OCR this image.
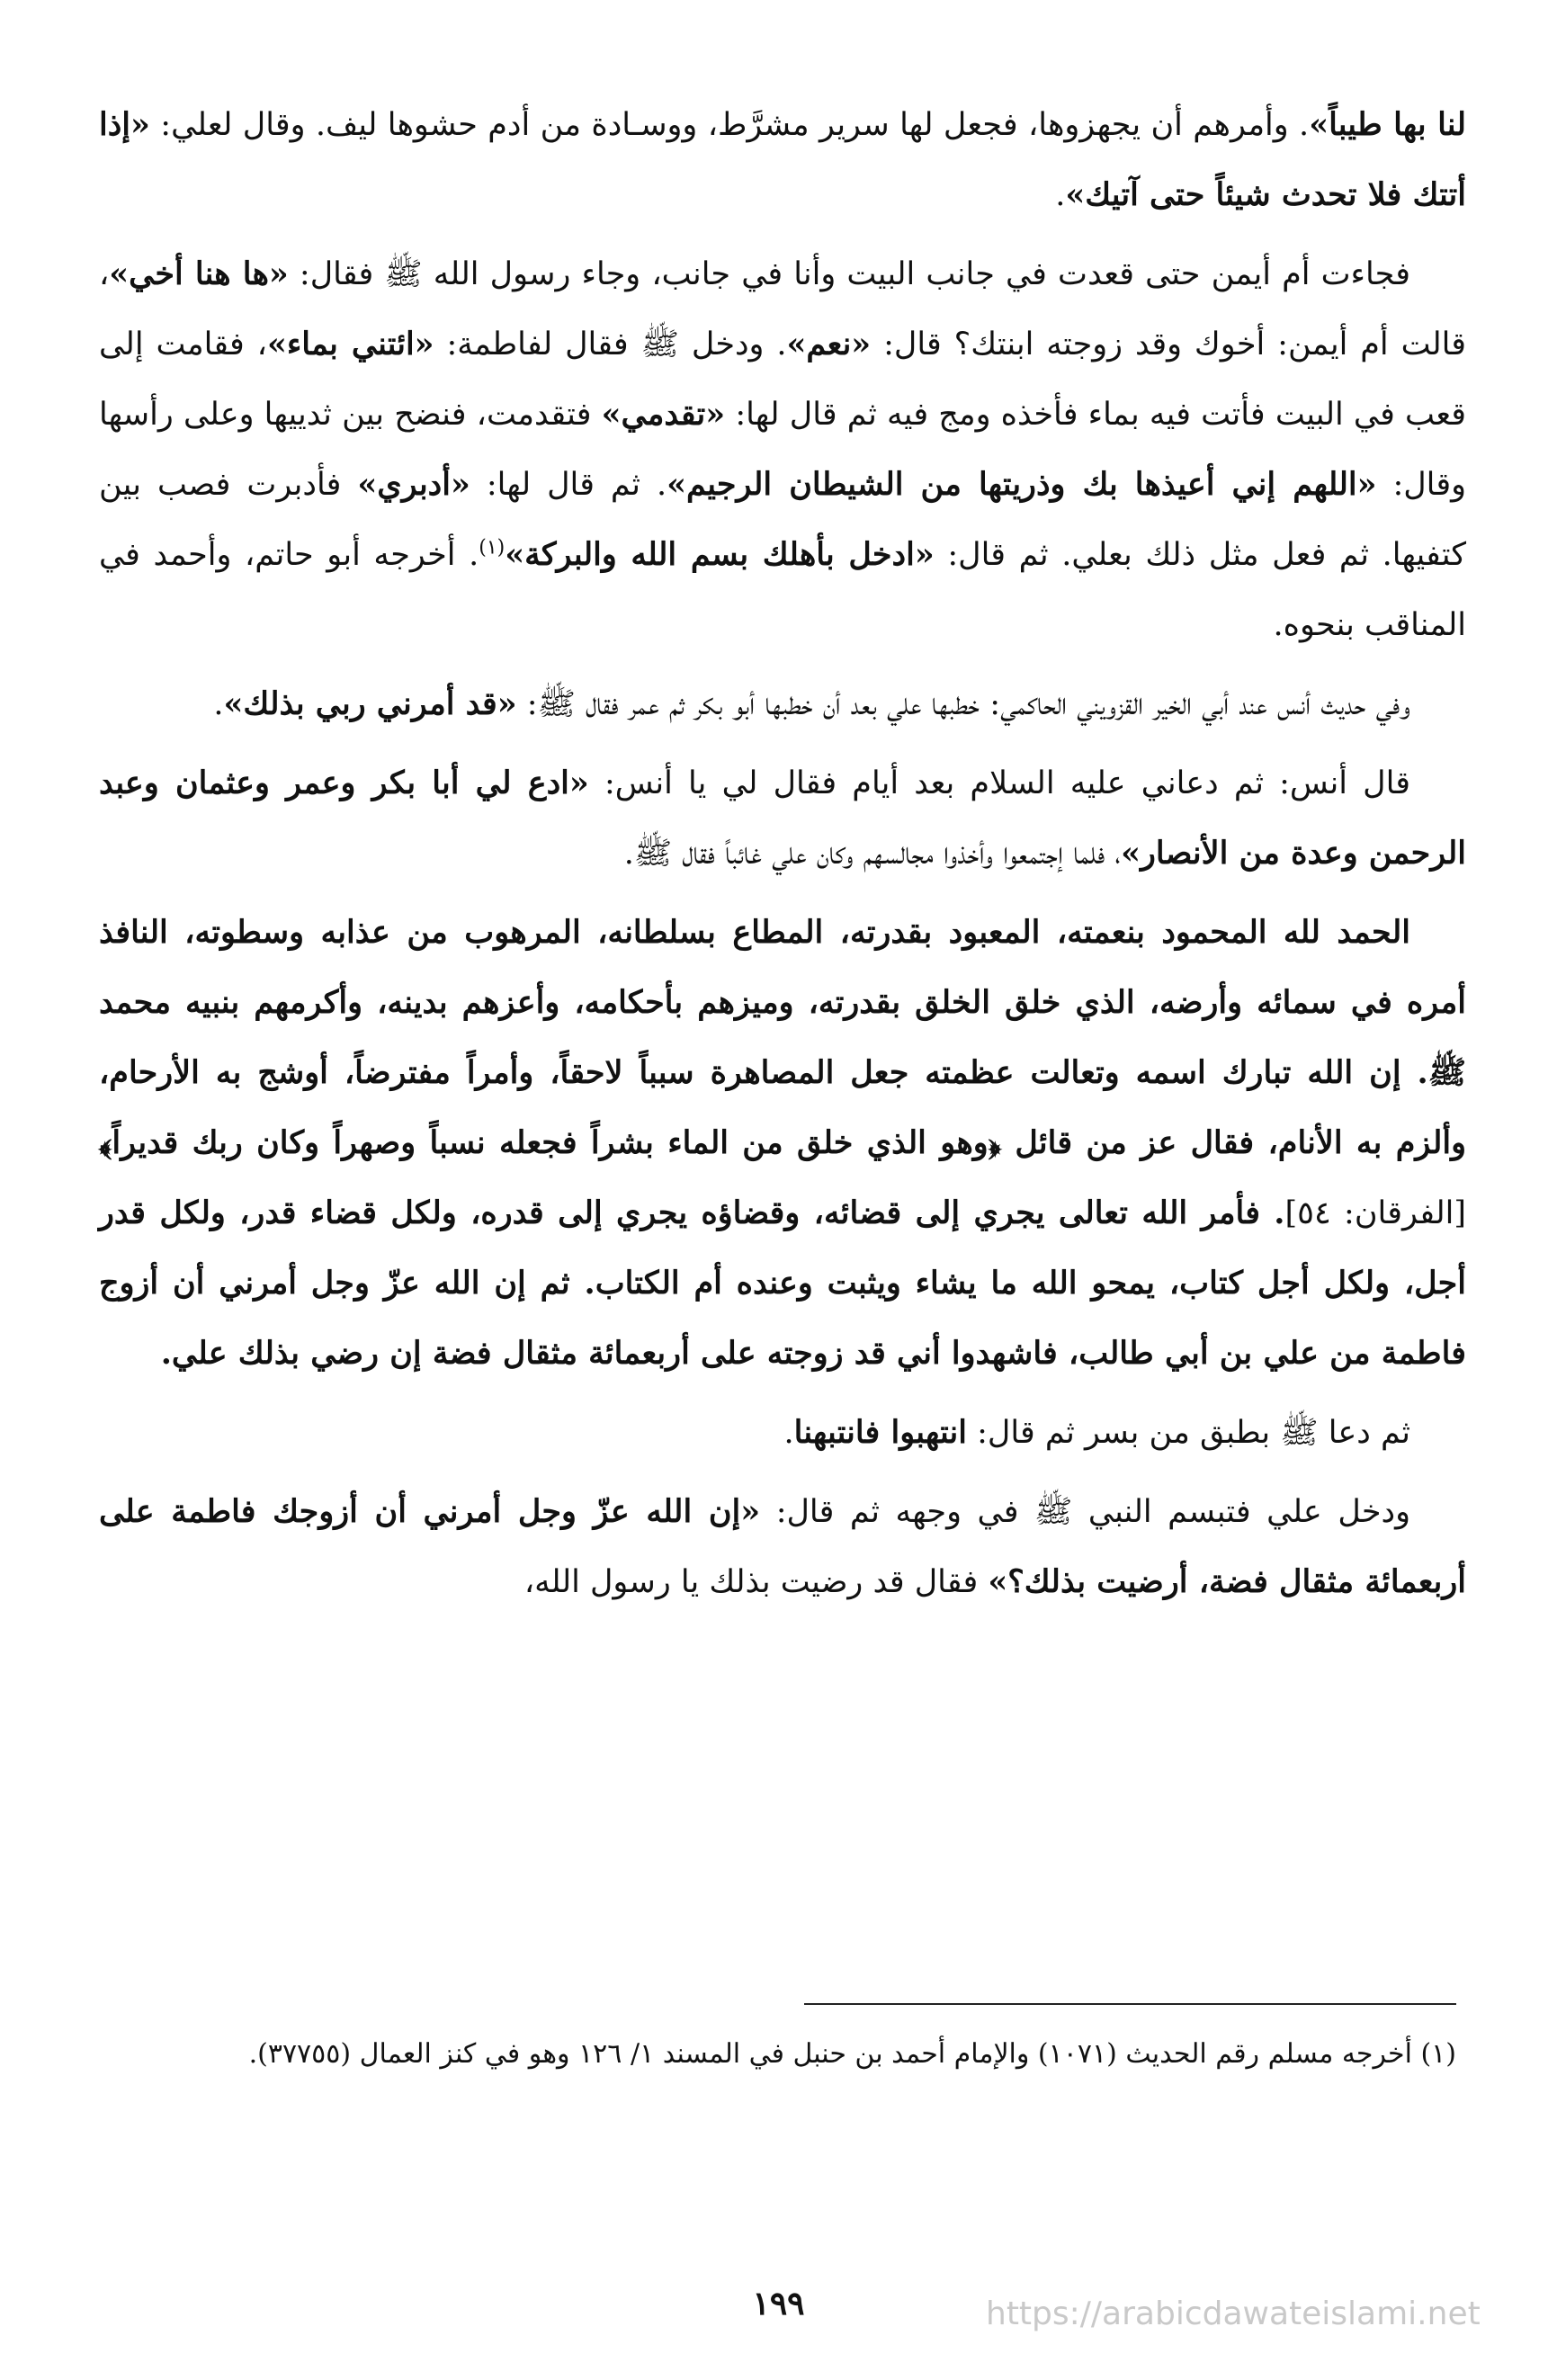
لنا بها طيباً». وأمرهم أن يجهزوها، فجعل لها سرير مشرَّط، ووسـادة من أدم حشوها ليف. وقال لعلي: «إذا أتتك فلا تحدث شيئاً حتى آتيك».

فجاءت أم أيمن حتى قعدت في جانب البيت وأنا في جانب، وجاء رسول الله ﷺ فقال: «ها هنا أخي»، قالت أم أيمن: أخوك وقد زوجته ابنتك؟ قال: «نعم». ودخل ﷺ فقال لفاطمة: «ائتني بماء»، فقامت إلى قعب في البيت فأتت فيه بماء فأخذه ومج فيه ثم قال لها: «تقدمي» فتقدمت، فنضح بين ثدييها وعلى رأسها وقال: «اللهم إني أعيذها بك وذريتها من الشيطان الرجيم». ثم قال لها: «أدبري» فأدبرت فصب بين كتفيها. ثم فعل مثل ذلك بعلي. ثم قال: «ادخل بأهلك بسم الله والبركة»$^{(١)}$. أخرجه أبو حاتم، وأحمد في المناقب بنحوه.

وفي حديث أنس عند أبي الخير القزويني الحاكمي: خطبها علي بعد أن خطبها أبو بكر ثم عمر فقال ﷺ: «قد أمرني ربي بذلك».

قال أنس: ثم دعاني عليه السلام بعد أيام فقال لي يا أنس: «ادع لي أبا بكر وعمر وعثمان وعبد الرحمن وعدة من الأنصار»، فلما إجتمعوا وأخذوا مجالسهم وكان علي غائباً فقال ﷺ.

الحمد لله المحمود بنعمته، المعبود بقدرته، المطاع بسلطانه، المرهوب من عذابه وسطوته، النافذ أمره في سمائه وأرضه، الذي خلق الخلق بقدرته، وميزهم بأحكامه، وأعزهم بدينه، وأكرمهم بنبيه محمد ﷺ. إن الله تبارك اسمه وتعالت عظمته جعل المصاهرة سبباً لاحقاً، وأمراً مفترضاً، أوشج به الأرحام، وألزم به الأنام، فقال عز من قائل ﴿وهو الذي خلق من الماء بشراً فجعله نسباً وصهراً وكان ربك قديراً﴾ [الفرقان: ٥٤]. فأمر الله تعالى يجري إلى قضائه، وقضاؤه يجري إلى قدره، ولكل قضاء قدر، ولكل قدر أجل، ولكل أجل كتاب، يمحو الله ما يشاء ويثبت وعنده أم الكتاب. ثم إن الله عزّ وجل أمرني أن أزوج فاطمة من علي بن أبي طالب، فاشهدوا أني قد زوجته على أربعمائة مثقال فضة إن رضي بذلك علي.

ثم دعا ﷺ بطبق من بسر ثم قال: انتهبوا فانتبهنا.

ودخل علي فتبسم النبي ﷺ في وجهه ثم قال: «إن الله عزّ وجل أمرني أن أزوجك فاطمة على أربعمائة مثقال فضة، أرضيت بذلك؟» فقال قد رضيت بذلك يا رسول الله،

(١) أخرجه مسلم رقم الحديث (١٠٧١) والإمام أحمد بن حنبل في المسند ١/ ١٢٦ وهو في كنز العمال (٣٧٧٥٥).
١٩٩	https://arabicdawateislami.net
